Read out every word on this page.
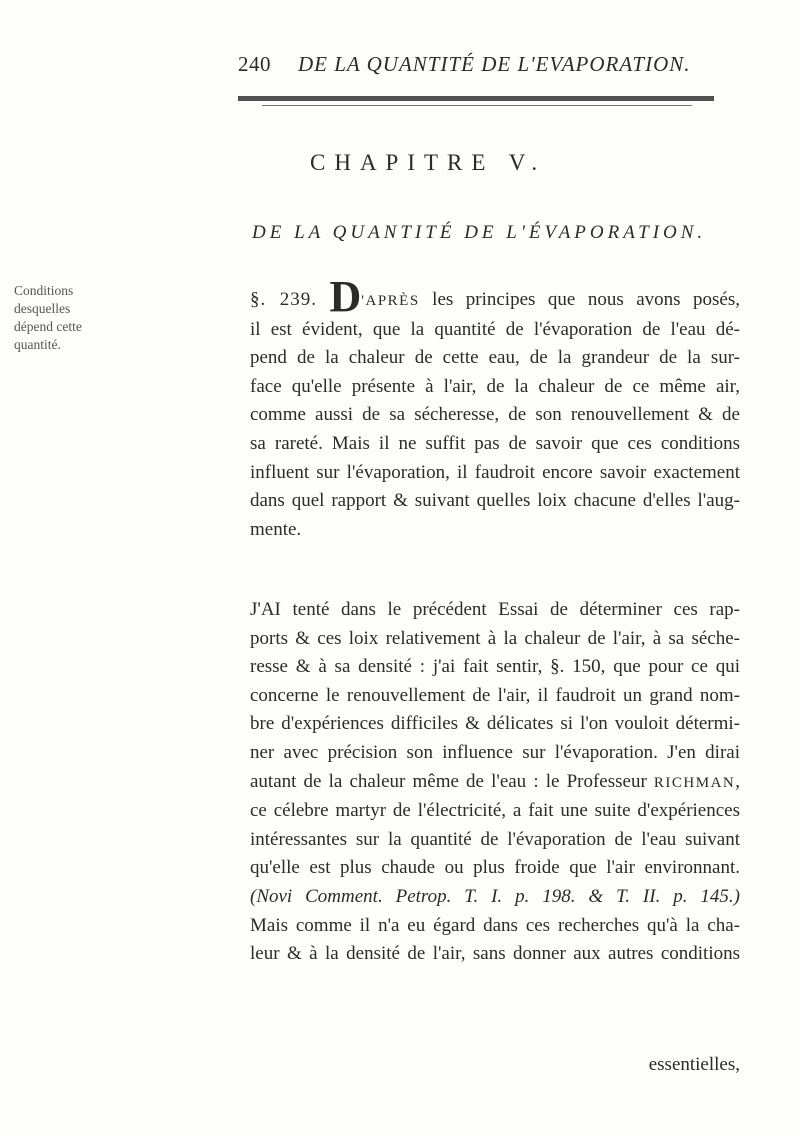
240 DE LA QUANTITÉ DE L'EVAPORATION.
CHAPITRE V.
DE LA QUANTITÉ DE L'ÉVAPORATION.
Conditions
desquelles
dépend cette
quantité.
§. 239. D'APRÈS les principes que nous avons posés,
il est évident, que la quantité de l'évaporation de l'eau dé-
pend de la chaleur de cette eau, de la grandeur de la sur-
face qu'elle présente à l'air, de la chaleur de ce même air,
comme aussi de sa sécheresse, de son renouvellement & de
sa rareté. Mais il ne suffit pas de savoir que ces conditions
influent sur l'évaporation, il faudroit encore savoir exactement
dans quel rapport & suivant quelles loix chacune d'elles l'aug-
mente.
J'AI tenté dans le précédent Essai de déterminer ces rap-
ports & ces loix relativement à la chaleur de l'air, à sa séche-
resse & à sa densité : j'ai fait sentir, §. 150, que pour ce qui
concerne le renouvellement de l'air, il faudroit un grand nom-
bre d'expériences difficiles & délicates si l'on vouloit détermi-
ner avec précision son influence sur l'évaporation. J'en dirai
autant de la chaleur même de l'eau : le Professeur RICHMAN,
ce célebre martyr de l'électricité, a fait une suite d'expériences
intéressantes sur la quantité de l'évaporation de l'eau suivant
qu'elle est plus chaude ou plus froide que l'air environnant.
(Novi Comment. Petrop. T. I. p. 198. & T. II. p. 145.)
Mais comme il n'a eu égard dans ces recherches qu'à la cha-
leur & à la densité de l'air, sans donner aux autres conditions
essentielles,
